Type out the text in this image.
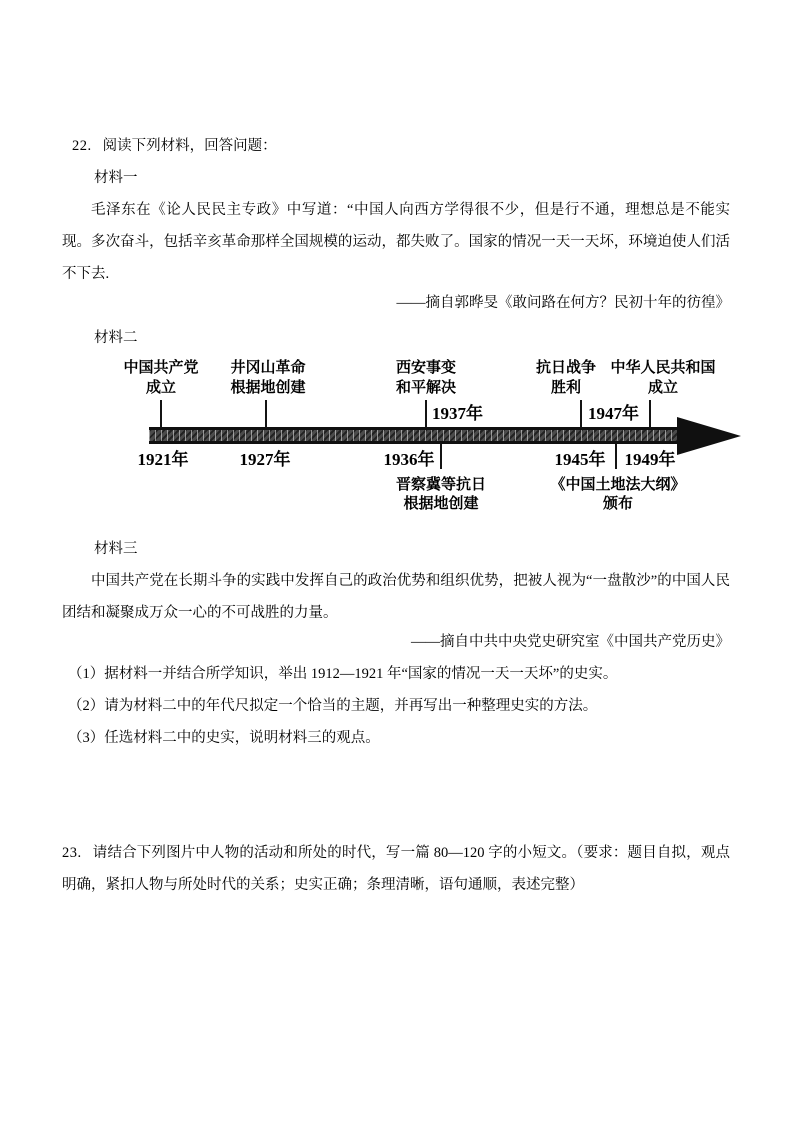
22. 阅读下列材料，回答问题：
材料一
毛泽东在《论人民民主专政》中写道：“中国人向西方学得很不少，但是行不通，理想总是不能实现。多次奋斗，包括辛亥革命那样全国规模的运动，都失败了。国家的情况一天一天坏，环境迫使人们活不下去.
——摘自郭晔旻《敢问路在何方？民初十年的彷徨》
材料二
中国共产党
成立
1921年
井冈山革命
根据地创建
1927年
西安事变
和平解决
1936年
抗日战争
胜利
1945年
中华人民共和国
成立
1949年
1937年
晋察冀等抗日
根据地创建
1947年
《中国土地法大纲》
颁布
材料三
中国共产党在长期斗争的实践中发挥自己的政治优势和组织优势，把被人视为“一盘散沙”的中国人民团结和凝聚成万众一心的不可战胜的力量。
——摘自中共中央党史研究室《中国共产党历史》
（1）据材料一并结合所学知识，举出 1912—1921 年“国家的情况一天一天坏”的史实。
（2）请为材料二中的年代尺拟定一个恰当的主题，并再写出一种整理史实的方法。
（3）任选材料二中的史实，说明材料三的观点。
23. 请结合下列图片中人物的活动和所处的时代，写一篇 80—120 字的小短文。（要求：题目自拟，观点明确，紧扣人物与所处时代的关系；史实正确；条理清晰，语句通顺，表述完整）
